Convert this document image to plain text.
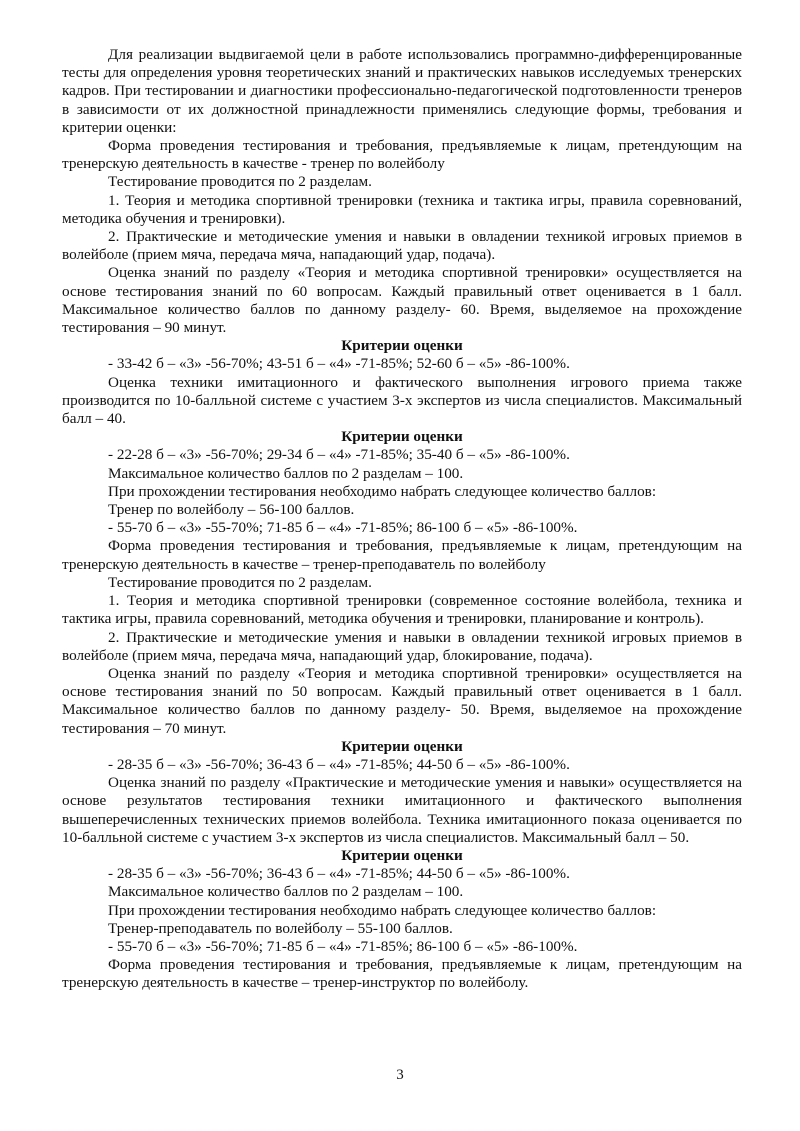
Для реализации выдвигаемой цели в работе использовались программно-дифференцированные тесты для определения уровня теоретических знаний и практических навыков исследуемых тренерских кадров. При тестировании и диагностики профессионально-педагогической подготовленности тренеров в зависимости от их должностной принадлежности применялись следующие формы, требования и критерии оценки:

Форма проведения тестирования и требования, предъявляемые к лицам, претендующим на тренерскую деятельность в качестве - тренер по волейболу

Тестирование проводится по 2 разделам.

1. Теория и методика спортивной тренировки (техника и тактика игры, правила соревнований, методика обучения и тренировки).

2. Практические и методические умения и навыки в овладении техникой игровых приемов в волейболе (прием мяча, передача мяча, нападающий удар, подача).

Оценка знаний по разделу «Теория и методика спортивной тренировки» осуществляется на основе тестирования знаний по 60 вопросам. Каждый правильный ответ оценивается в 1 балл. Максимальное количество баллов по данному разделу- 60. Время, выделяемое на прохождение тестирования – 90 минут.

Критерии оценки

- 33-42 б – «3» -56-70%; 43-51 б – «4» -71-85%; 52-60 б – «5» -86-100%.

Оценка техники имитационного и фактического выполнения игрового приема также производится по 10-балльной системе с участием 3-х экспертов из числа специалистов. Максимальный балл – 40.

Критерии оценки

- 22-28 б – «3» -56-70%; 29-34 б – «4» -71-85%; 35-40 б – «5» -86-100%.

Максимальное количество баллов по 2 разделам – 100.

При прохождении тестирования необходимо набрать следующее количество баллов:

Тренер по волейболу – 56-100 баллов.

- 55-70 б – «3» -55-70%; 71-85 б – «4» -71-85%; 86-100 б – «5» -86-100%.

Форма проведения тестирования и требования, предъявляемые к лицам, претендующим на тренерскую деятельность в качестве – тренер-преподаватель по волейболу

Тестирование проводится по 2 разделам.

1. Теория и методика спортивной тренировки (современное состояние волейбола, техника и тактика игры, правила соревнований, методика обучения и тренировки, планирование и контроль).

2. Практические и методические умения и навыки в овладении техникой игровых приемов в волейболе (прием мяча, передача мяча, нападающий удар, блокирование, подача).

Оценка знаний по разделу «Теория и методика спортивной тренировки» осуществляется на основе тестирования знаний по 50 вопросам. Каждый правильный ответ оценивается в 1 балл. Максимальное количество баллов по данному разделу- 50. Время, выделяемое на прохождение тестирования – 70 минут.

Критерии оценки

- 28-35 б – «3» -56-70%; 36-43 б – «4» -71-85%; 44-50 б – «5» -86-100%.

Оценка знаний по разделу «Практические и методические умения и навыки» осуществляется на основе результатов тестирования техники имитационного и фактического выполнения вышеперечисленных технических приемов волейбола. Техника имитационного показа оценивается по 10-балльной системе с участием 3-х экспертов из числа специалистов. Максимальный балл – 50.

Критерии оценки

- 28-35 б – «3» -56-70%; 36-43 б – «4» -71-85%; 44-50 б – «5» -86-100%.

Максимальное количество баллов по 2 разделам – 100.

При прохождении тестирования необходимо набрать следующее количество баллов:

Тренер-преподаватель по волейболу – 55-100 баллов.

- 55-70 б – «3» -56-70%; 71-85 б – «4» -71-85%; 86-100 б – «5» -86-100%.

Форма проведения тестирования и требования, предъявляемые к лицам, претендующим на тренерскую деятельность в качестве – тренер-инструктор по волейболу.

3
